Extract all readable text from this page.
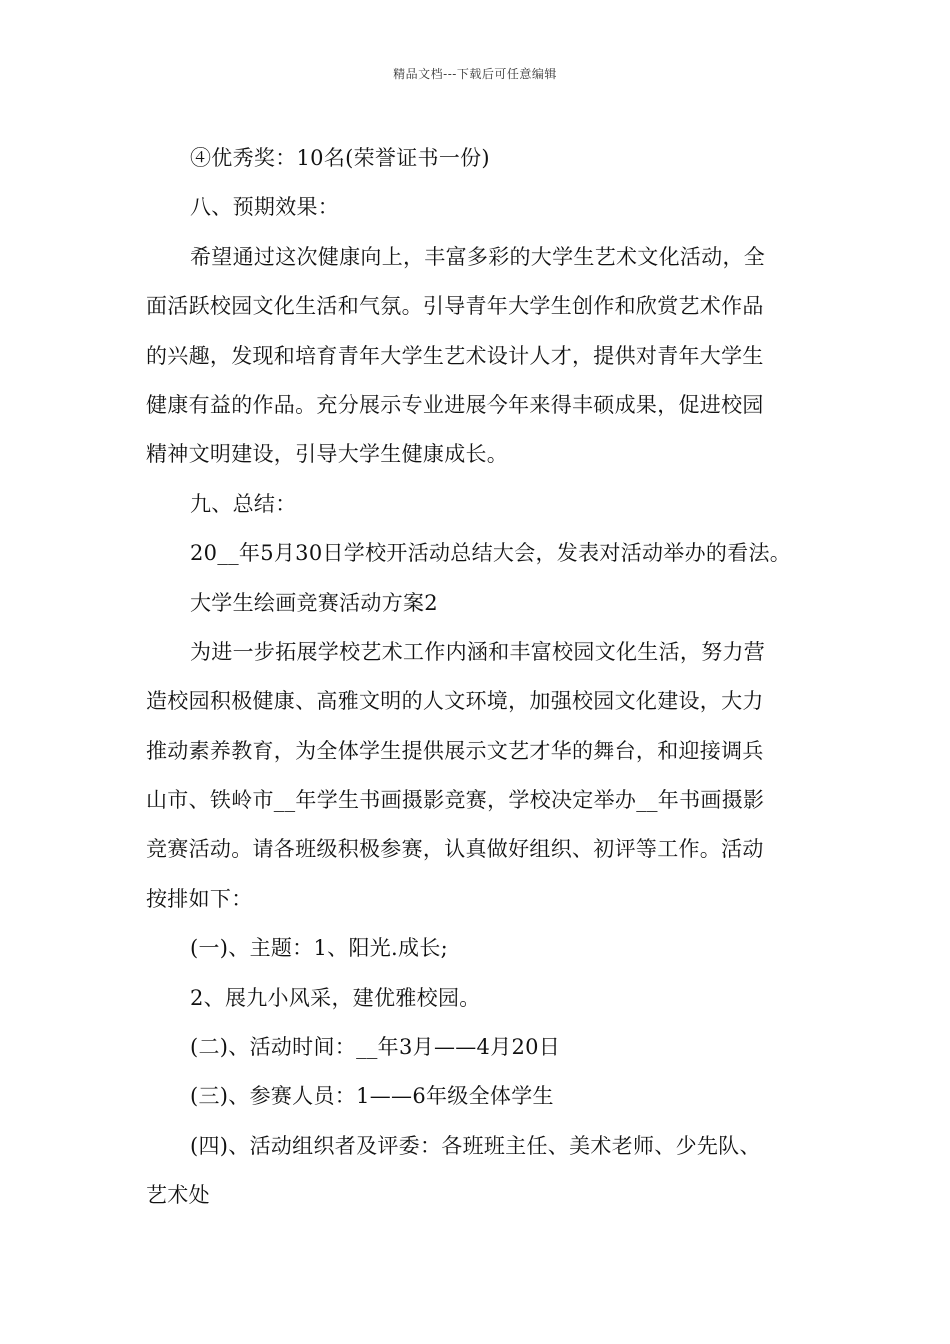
精品文档---下载后可任意编辑
④优秀奖：10名(荣誉证书一份)
八、预期效果：
希望通过这次健康向上，丰富多彩的大学生艺术文化活动，全
面活跃校园文化生活和气氛。引导青年大学生创作和欣赏艺术作品
的兴趣，发现和培育青年大学生艺术设计人才，提供对青年大学生
健康有益的作品。充分展示专业进展今年来得丰硕成果，促进校园
精神文明建设，引导大学生健康成长。
九、总结：
20__年5月30日学校开活动总结大会，发表对活动举办的看法。
大学生绘画竞赛活动方案2
为进一步拓展学校艺术工作内涵和丰富校园文化生活，努力营
造校园积极健康、高雅文明的人文环境，加强校园文化建设，大力
推动素养教育，为全体学生提供展示文艺才华的舞台，和迎接调兵
山市、铁岭市__年学生书画摄影竞赛，学校决定举办__年书画摄影
竞赛活动。请各班级积极参赛，认真做好组织、初评等工作。活动
按排如下：
(一)、主题：1、阳光.成长;
2、展九小风采，建优雅校园。
(二)、活动时间：__年3月——4月20日
(三)、参赛人员：1——6年级全体学生
(四)、活动组织者及评委：各班班主任、美术老师、少先队、
艺术处
